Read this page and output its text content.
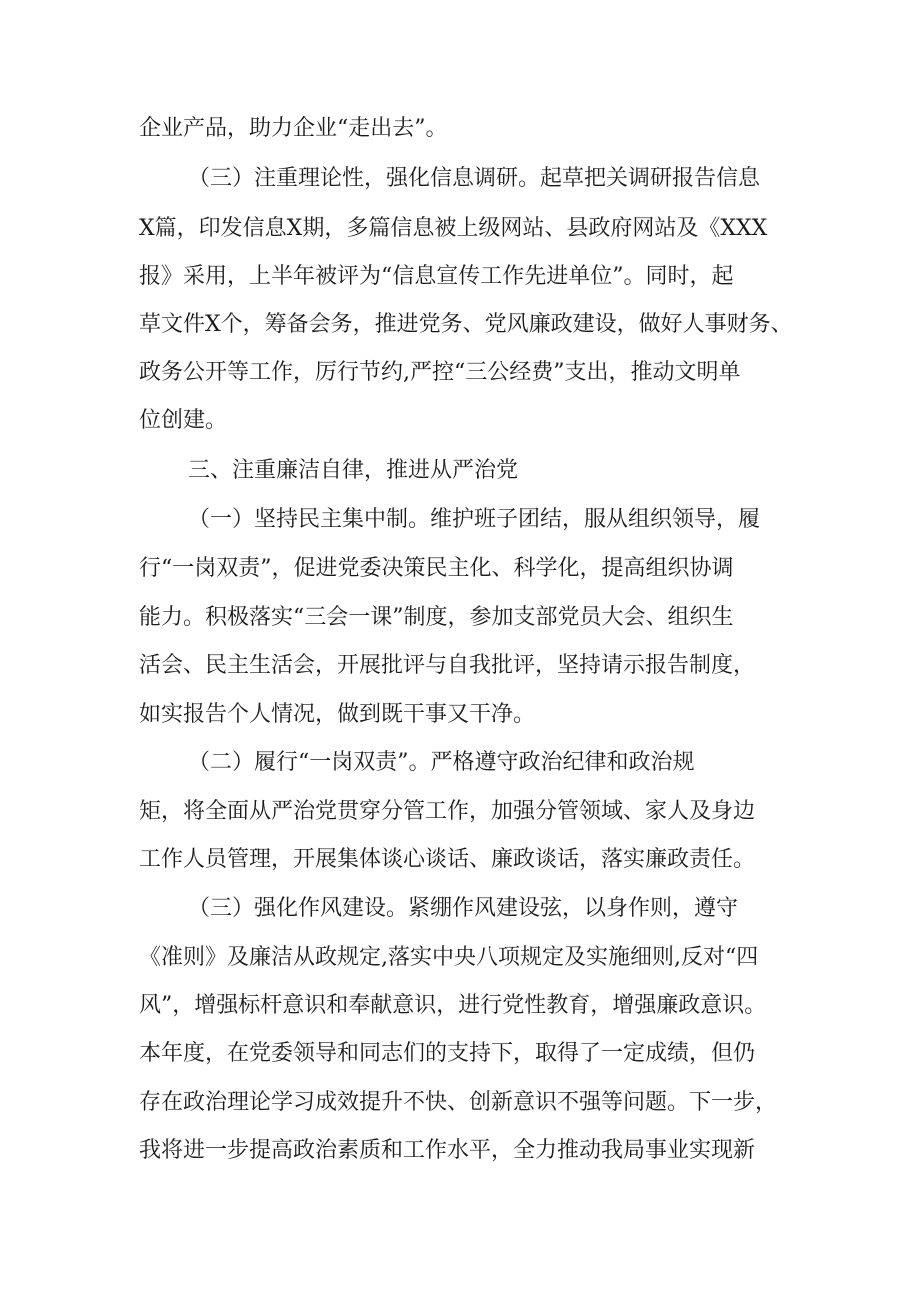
企业产品，助力企业“走出去”。
（三）注重理论性，强化信息调研。起草把关调研报告信息
X篇，印发信息X期，多篇信息被上级网站、县政府网站及《XXX
报》采用，上半年被评为“信息宣传工作先进单位”。同时，起
草文件X个，筹备会务，推进党务、党风廉政建设，做好人事财务、
政务公开等工作，厉行节约,严控“三公经费”支出，推动文明单
位创建。
三、注重廉洁自律，推进从严治党
（一）坚持民主集中制。维护班子团结，服从组织领导，履
行“一岗双责”，促进党委决策民主化、科学化，提高组织协调
能力。积极落实“三会一课”制度，参加支部党员大会、组织生
活会、民主生活会，开展批评与自我批评，坚持请示报告制度，
如实报告个人情况，做到既干事又干净。
（二）履行“一岗双责”。严格遵守政治纪律和政治规
矩，将全面从严治党贯穿分管工作，加强分管领域、家人及身边
工作人员管理，开展集体谈心谈话、廉政谈话，落实廉政责任。
（三）强化作风建设。紧绷作风建设弦，以身作则，遵守
《准则》及廉洁从政规定,落实中央八项规定及实施细则,反对“四
风”，增强标杆意识和奉献意识，进行党性教育，增强廉政意识。
本年度，在党委领导和同志们的支持下，取得了一定成绩，但仍
存在政治理论学习成效提升不快、创新意识不强等问题。下一步，
我将进一步提高政治素质和工作水平，全力推动我局事业实现新
